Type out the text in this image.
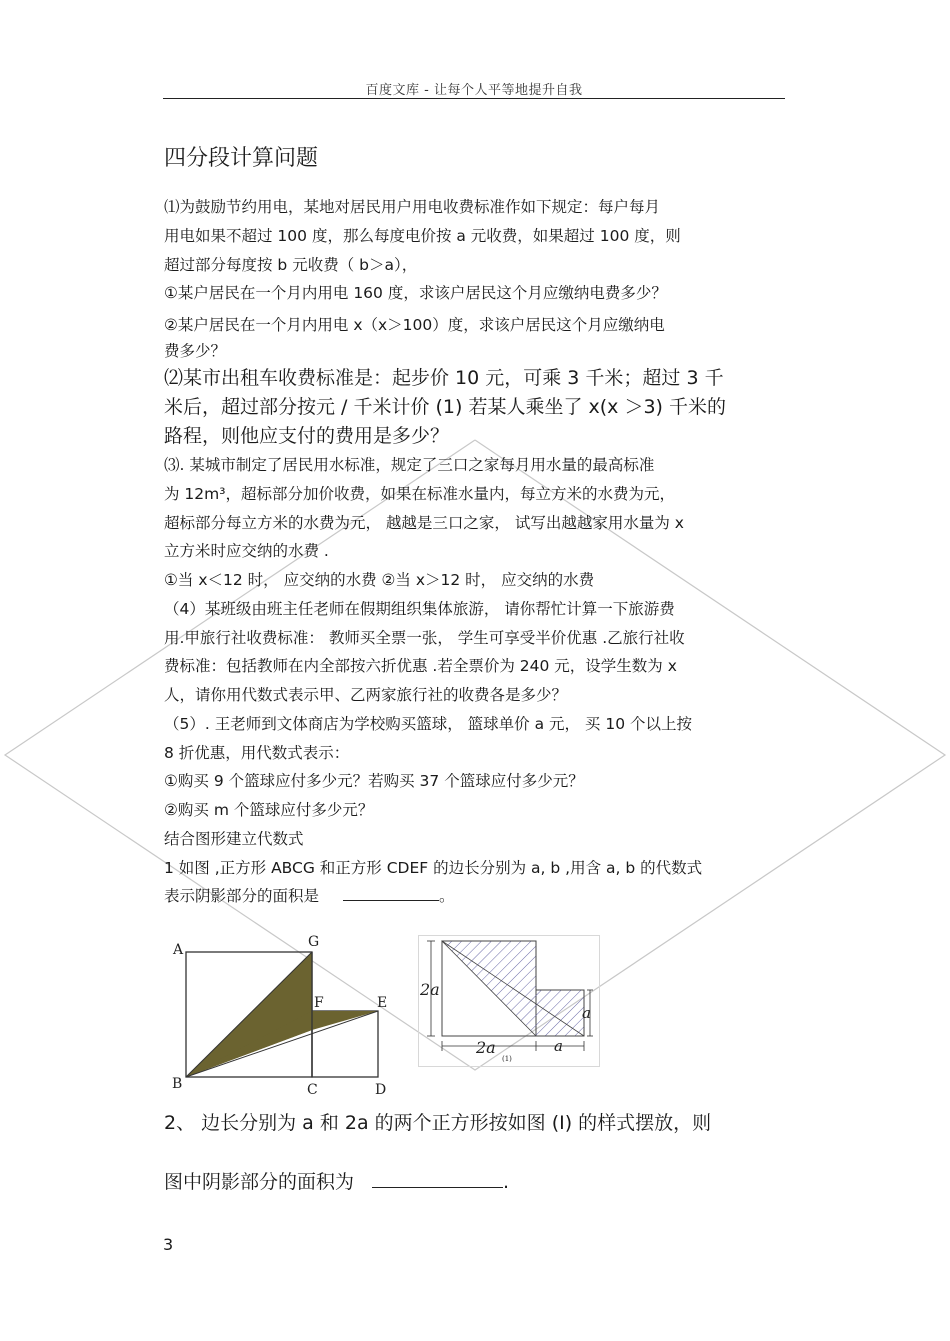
百度文库 - 让每个人平等地提升自我
四分段计算问题
⑴为鼓励节约用电，某地对居民用户用电收费标准作如下规定：每户每月
用电如果不超过 100 度，那么每度电价按 a 元收费，如果超过 100 度，则
超过部分每度按 b 元收费（ b＞a），
①某户居民在一个月内用电 160 度，求该户居民这个月应缴纳电费多少？
②某户居民在一个月内用电 x（x＞100）度，求该户居民这个月应缴纳电
费多少？
⑵某市出租车收费标准是：起步价 10 元，可乘 3 千米；超过 3 千
米后，超过部分按元 / 千米计价 (1) 若某人乘坐了 x(x ＞3) 千米的
路程，则他应支付的费用是多少？
⑶. 某城市制定了居民用水标准，规定了三口之家每月用水量的最高标准
为 12m³，超标部分加价收费，如果在标准水量内，每立方米的水费为元，
超标部分每立方米的水费为元， 越越是三口之家， 试写出越越家用水量为 x
立方米时应交纳的水费 .
①当 x＜12 时， 应交纳的水费 ②当 x＞12 时， 应交纳的水费
（4）某班级由班主任老师在假期组织集体旅游， 请你帮忙计算一下旅游费
用.甲旅行社收费标准： 教师买全票一张， 学生可享受半价优惠 .乙旅行社收
费标准：包括教师在内全部按六折优惠 .若全票价为 240 元，设学生数为 x
人，请你用代数式表示甲、乙两家旅行社的收费各是多少？
（5）. 王老师到文体商店为学校购买篮球， 篮球单价 a 元， 买 10 个以上按
8 折优惠，用代数式表示：
①购买 9 个篮球应付多少元？若购买 37 个篮球应付多少元？
②购买 m 个篮球应付多少元？
结合图形建立代数式
1 如图 ,正方形 ABCG 和正方形 CDEF 的边长分别为 a, b ,用含 a, b 的代数式
表示阴影部分的面积是	。
A	G
F	E
B	C	D
2a
a
2a	a
(1)
2、 边长分别为 a 和 2a 的两个正方形按如图 (I) 的样式摆放，则
图中阴影部分的面积为	.
3
